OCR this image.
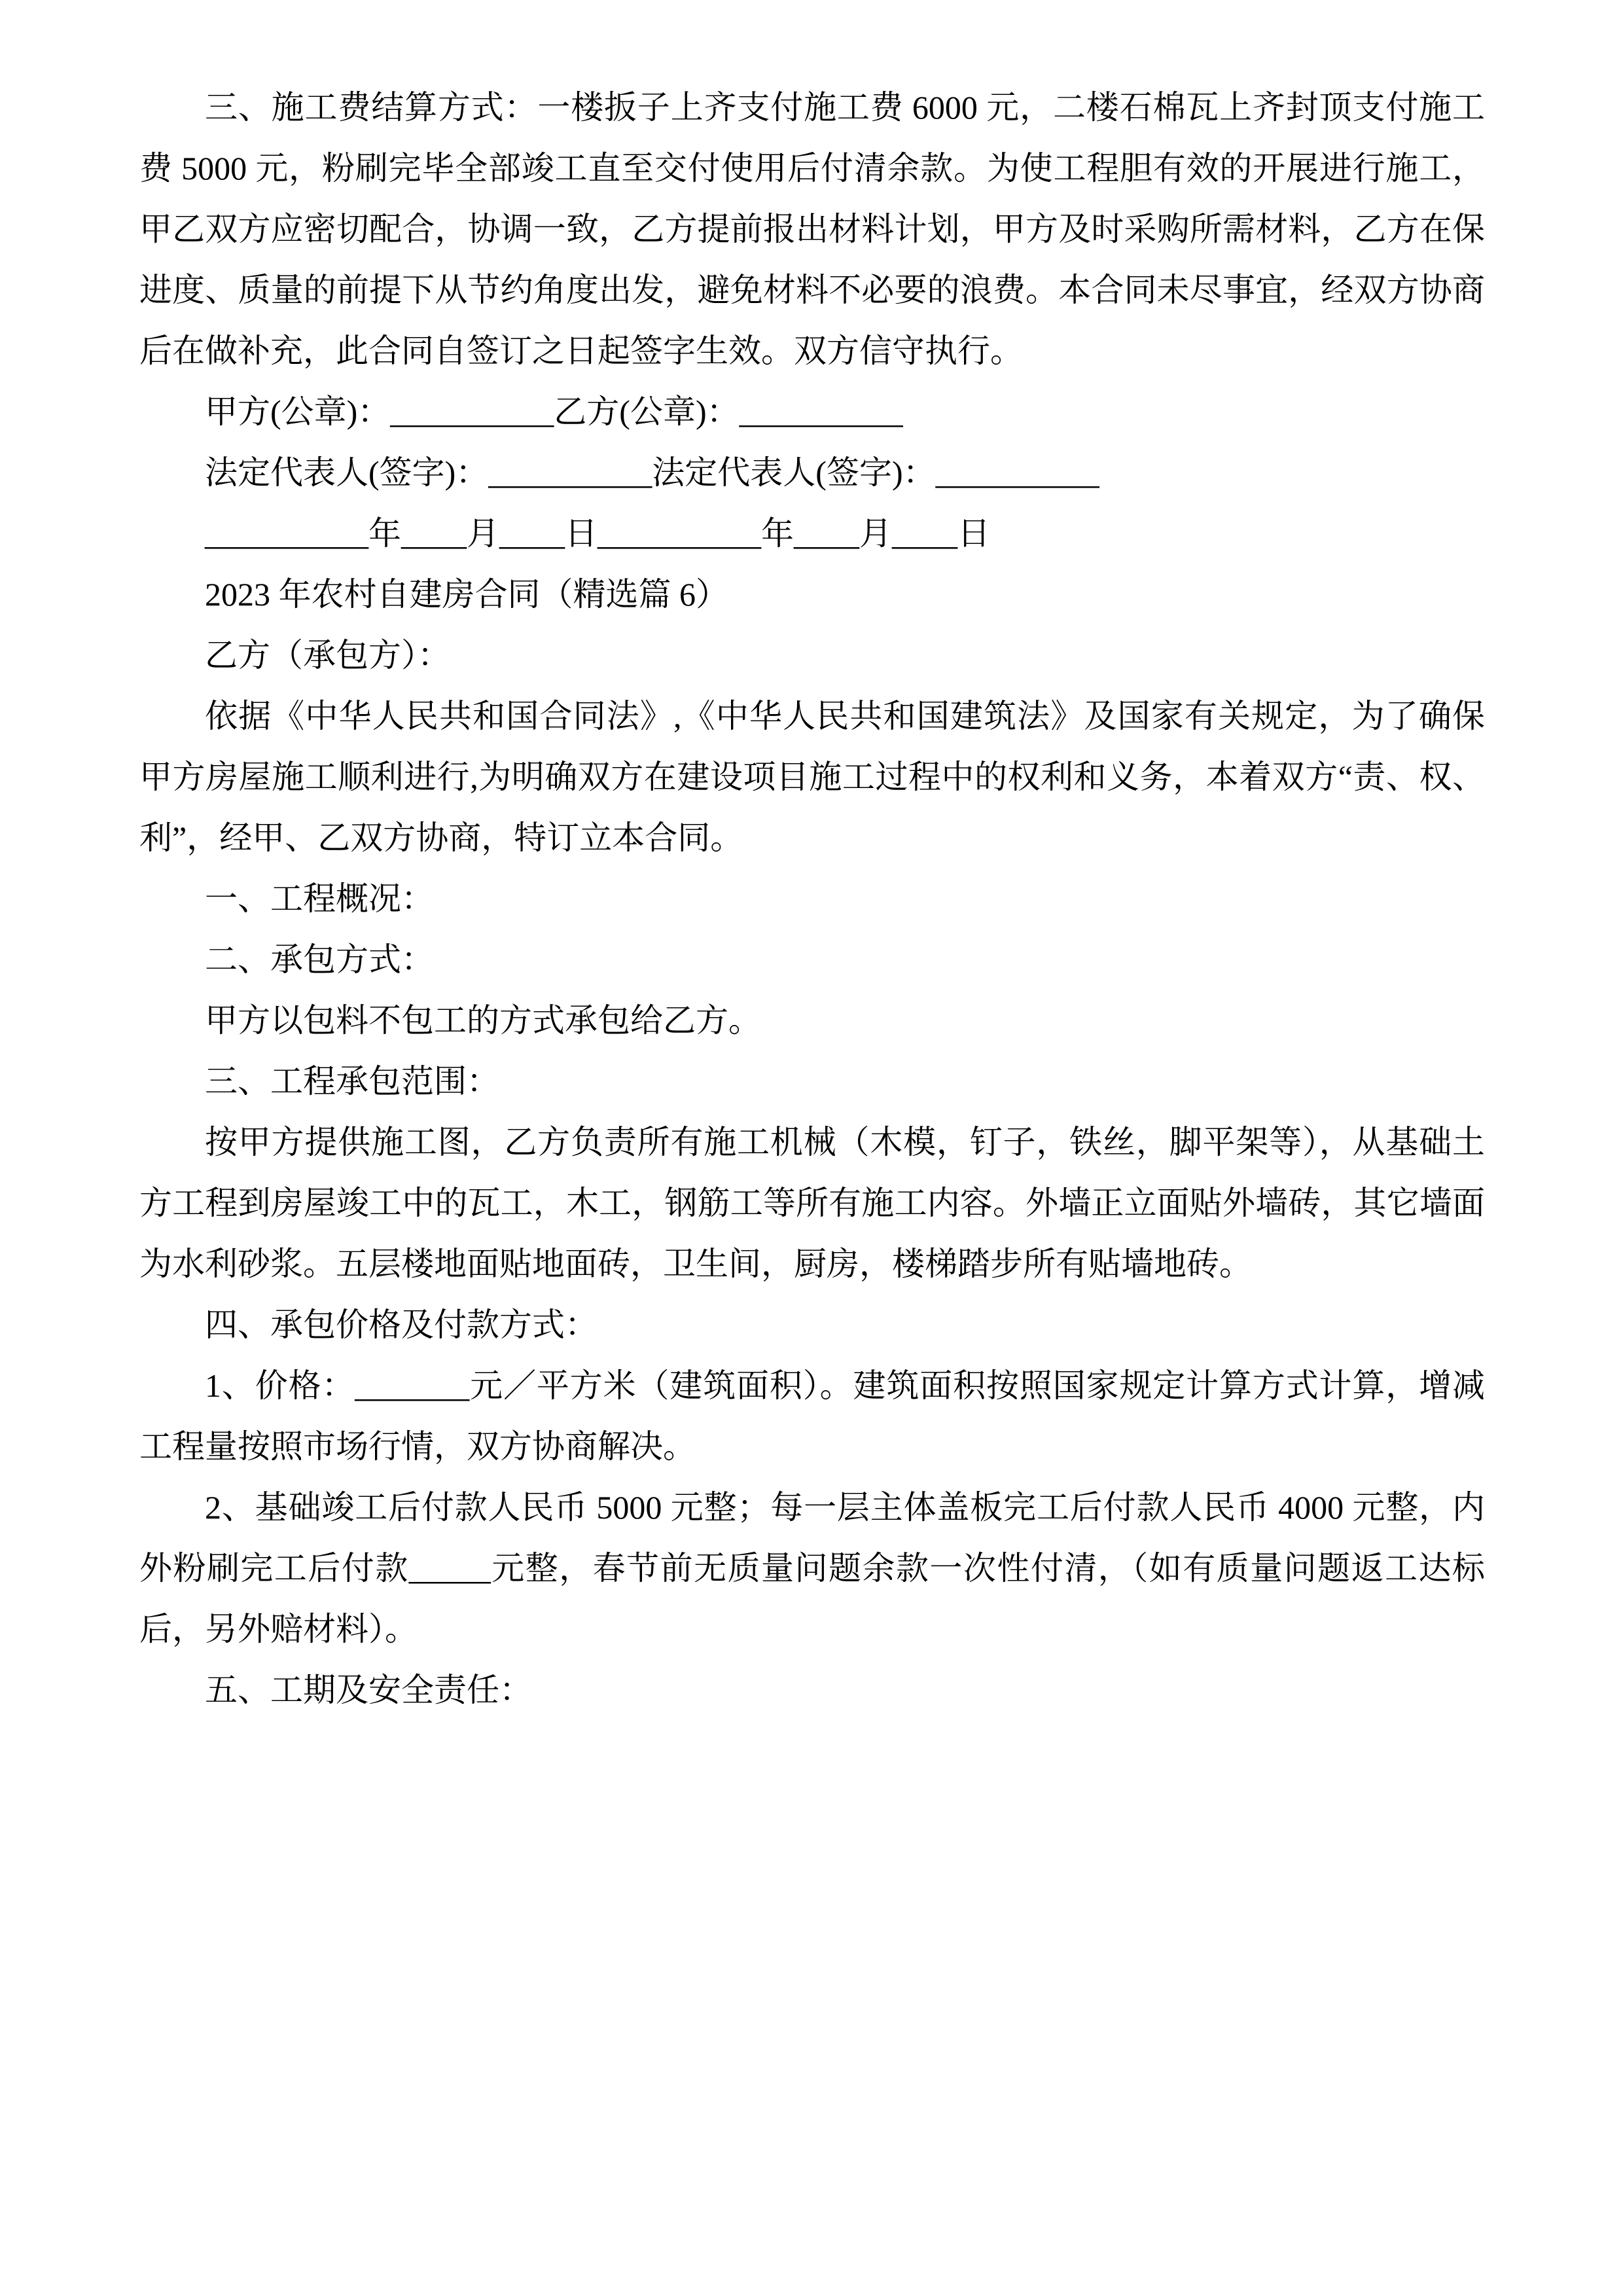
三、施工费结算方式：一楼扳子上齐支付施工费 6000 元，二楼石棉瓦上齐封顶支付施工费 5000 元，粉刷完毕全部竣工直至交付使用后付清余款。为使工程胆有效的开展进行施工，甲乙双方应密切配合，协调一致，乙方提前报出材料计划，甲方及时采购所需材料，乙方在保进度、质量的前提下从节约角度出发，避免材料不必要的浪费。本合同未尽事宜，经双方协商后在做补充，此合同自签订之日起签字生效。双方信守执行。

甲方(公章)：__________乙方(公章)：__________

法定代表人(签字)：__________法定代表人(签字)：__________

__________年____月____日__________年____月____日

2023 年农村自建房合同（精选篇 6）

乙方（承包方）：

依据《中华人民共和国合同法》,《中华人民共和国建筑法》及国家有关规定，为了确保甲方房屋施工顺利进行,为明确双方在建设项目施工过程中的权利和义务，本着双方“责、权、利”，经甲、乙双方协商，特订立本合同。

一、工程概况：

二、承包方式：

甲方以包料不包工的方式承包给乙方。

三、工程承包范围：

按甲方提供施工图，乙方负责所有施工机械（木模，钉子，铁丝，脚平架等），从基础土方工程到房屋竣工中的瓦工，木工，钢筋工等所有施工内容。外墙正立面贴外墙砖，其它墙面为水利砂浆。五层楼地面贴地面砖，卫生间，厨房，楼梯踏步所有贴墙地砖。

四、承包价格及付款方式：

1、价格：_______元／平方米（建筑面积）。建筑面积按照国家规定计算方式计算，增减工程量按照市场行情，双方协商解决。

2、基础竣工后付款人民币 5000 元整；每一层主体盖板完工后付款人民币 4000 元整，内外粉刷完工后付款_____元整，春节前无质量问题余款一次性付清，（如有质量问题返工达标后，另外赔材料）。

五、工期及安全责任：
